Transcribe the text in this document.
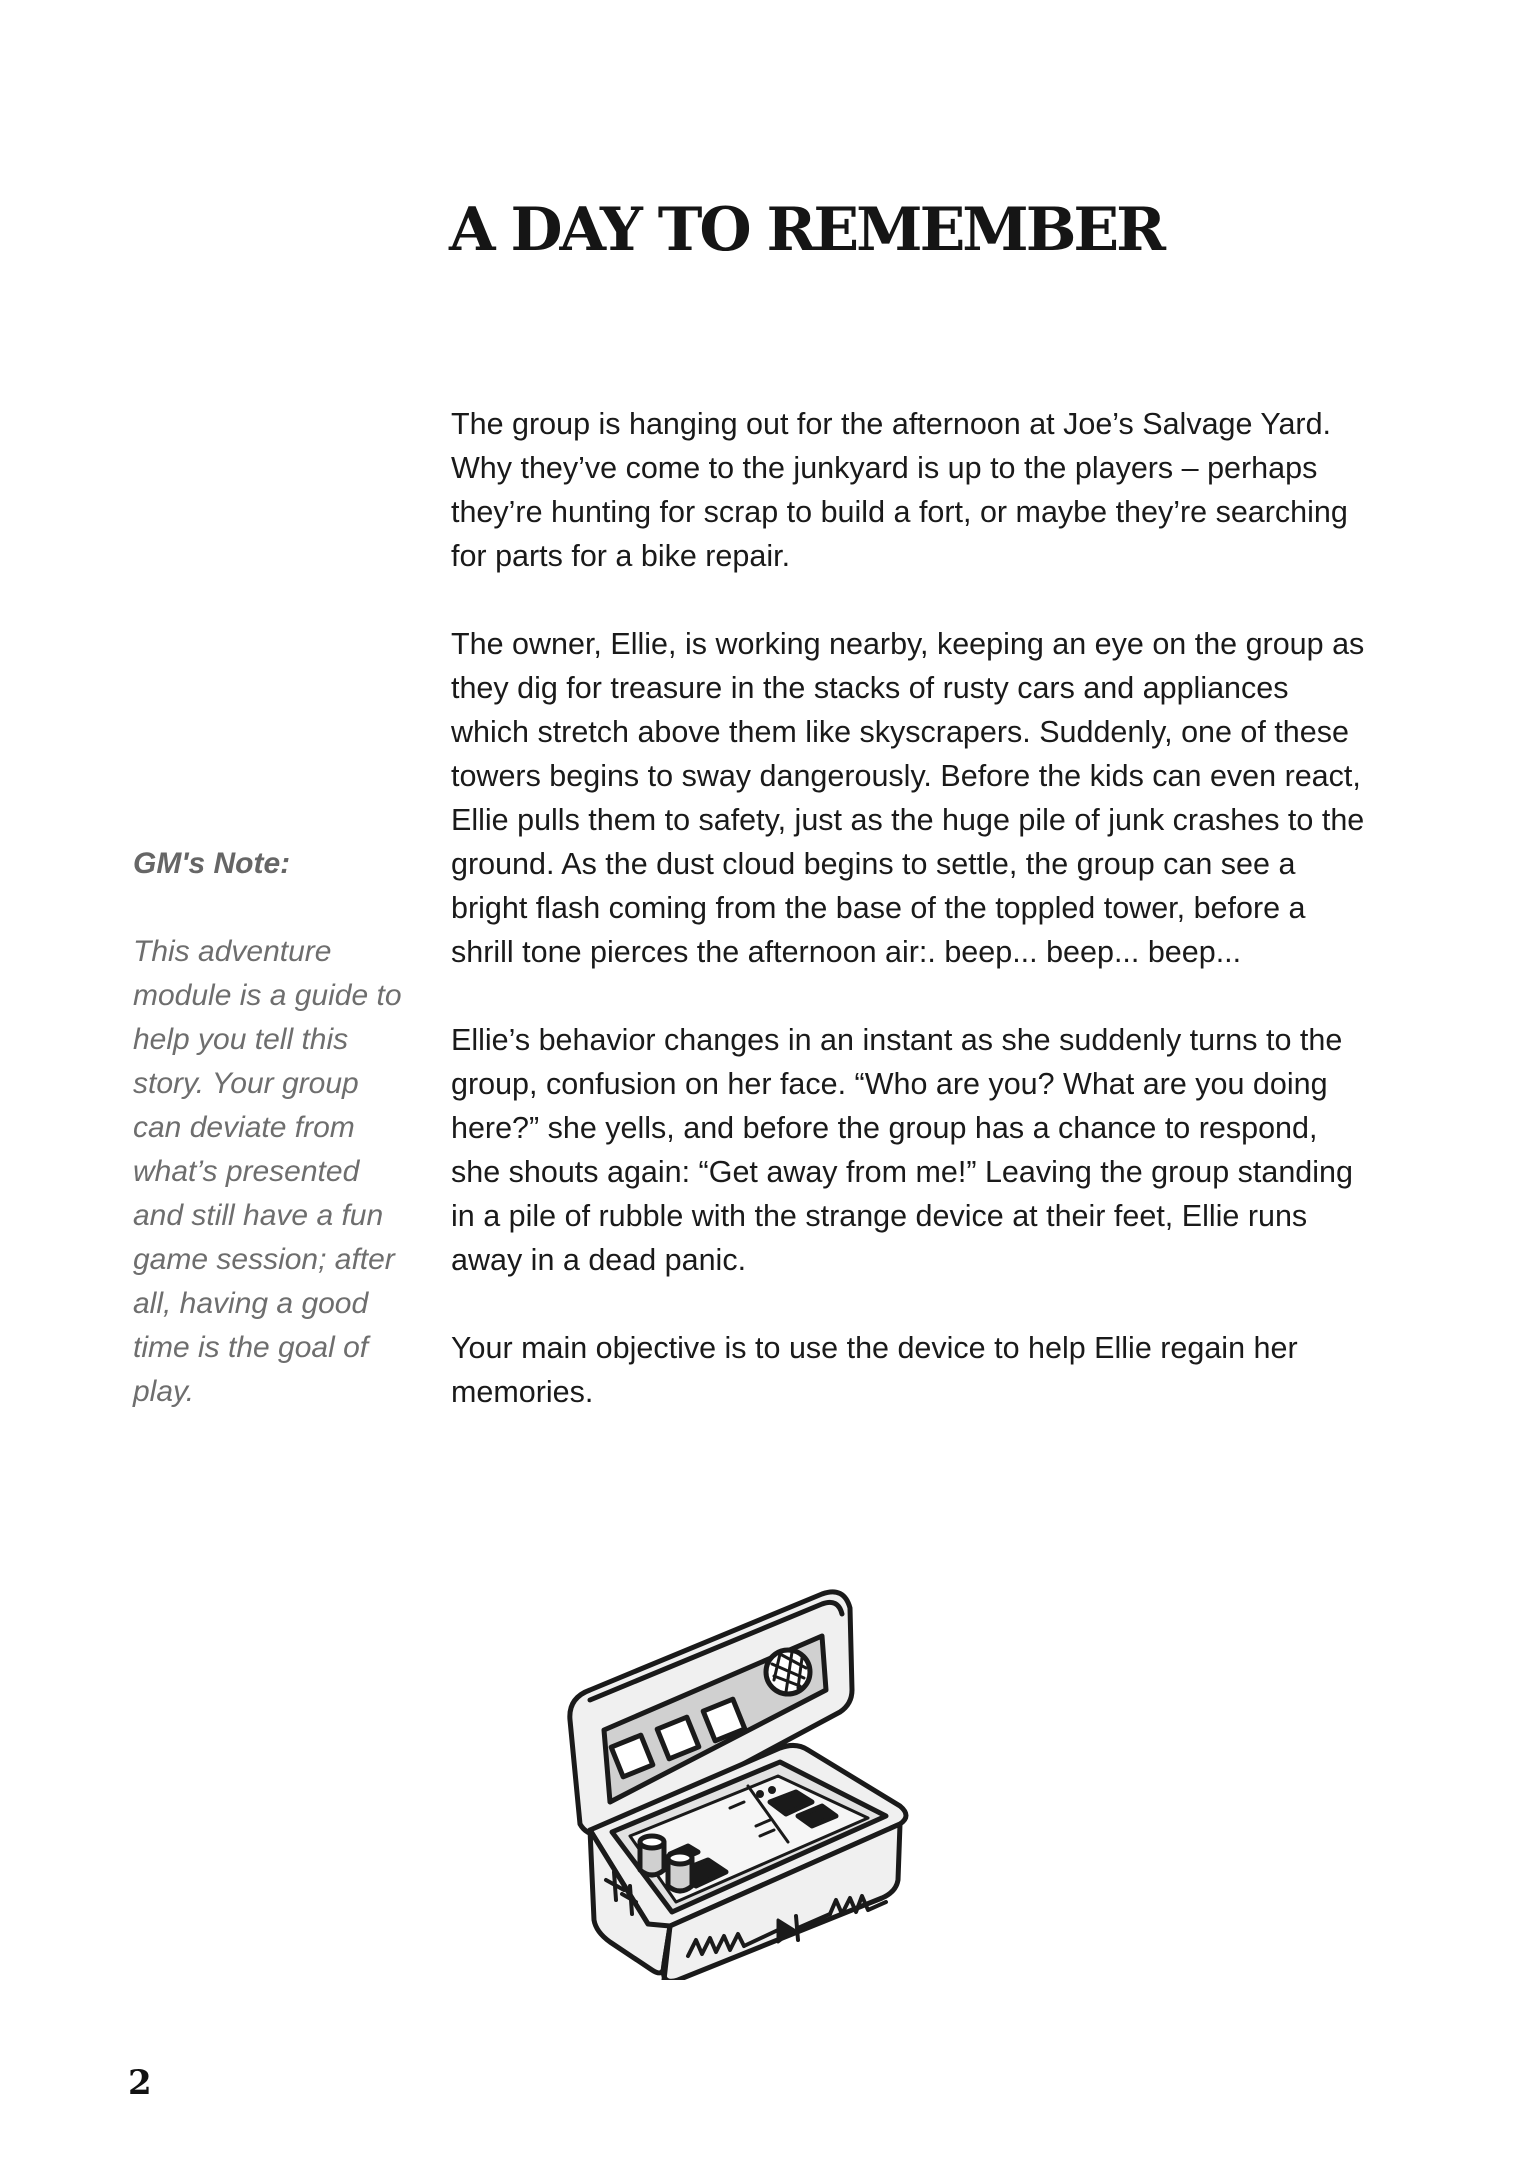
A DAY TO REMEMBER

The group is hanging out for the afternoon at Joe’s Salvage Yard. Why they’ve come to the junkyard is up to the players – perhaps they’re hunting for scrap to build a fort, or maybe they’re searching for parts for a bike repair.

The owner, Ellie, is working nearby, keeping an eye on the group as they dig for treasure in the stacks of rusty cars and appliances which stretch above them like skyscrapers. Suddenly, one of these towers begins to sway dangerously. Before the kids can even react, Ellie pulls them to safety, just as the huge pile of junk crashes to the ground. As the dust cloud begins to settle, the group can see a bright flash coming from the base of the toppled tower, before a shrill tone pierces the afternoon air:. beep... beep... beep...

Ellie’s behavior changes in an instant as she suddenly turns to the group, confusion on her face. “Who are you? What are you doing here?” she yells, and before the group has a chance to respond, she shouts again: “Get away from me!” Leaving the group standing in a pile of rubble with the strange device at their feet, Ellie runs away in a dead panic.

Your main objective is to use the device to help Ellie regain her memories.

GM's Note:

This adventure module is a guide to help you tell this story. Your group can deviate from what’s presented and still have a fun game session; after all, having a good time is the goal of play.

2
